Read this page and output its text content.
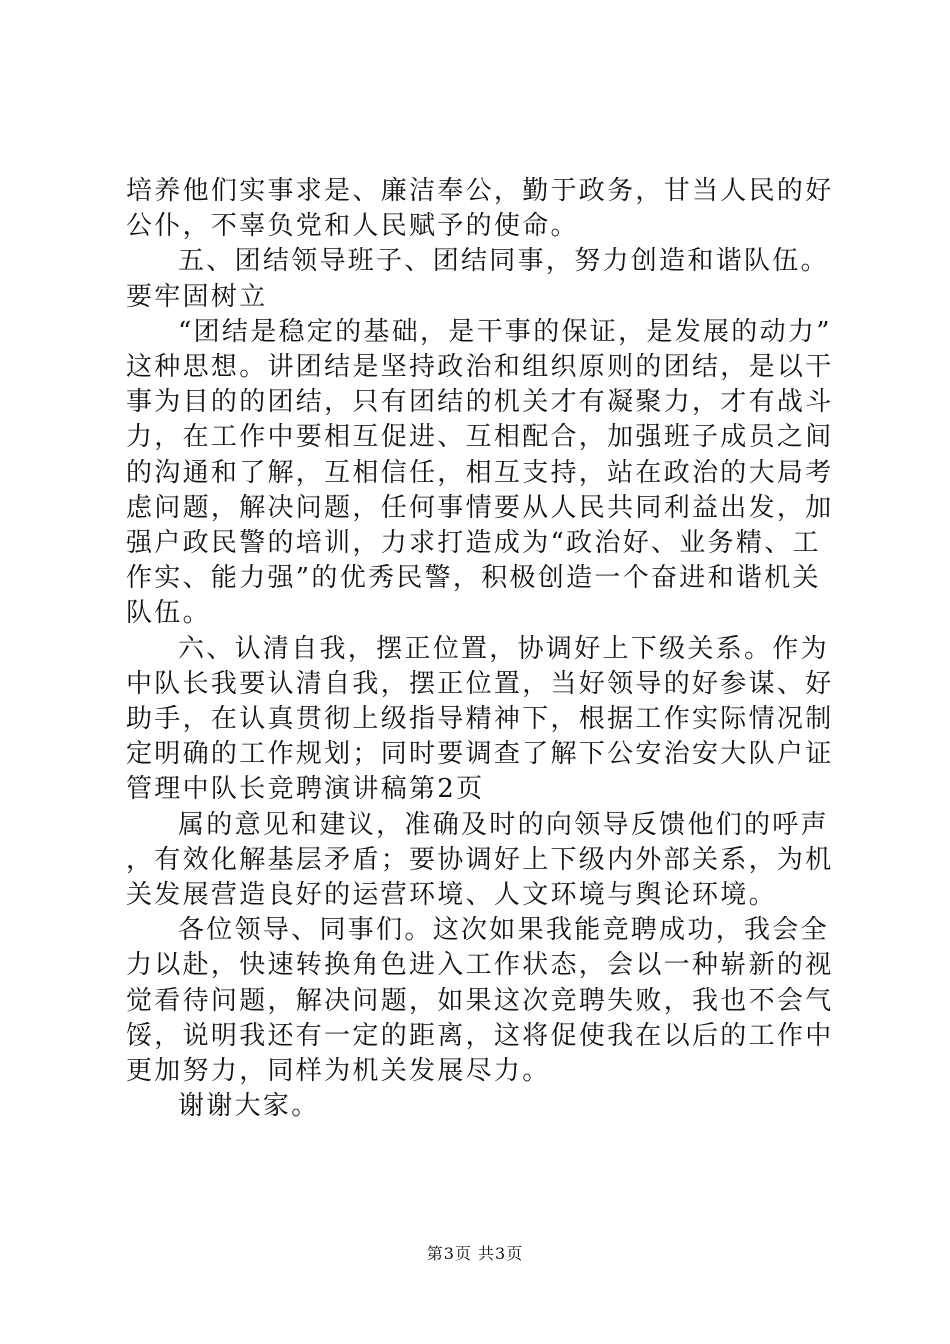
培养他们实事求是、廉洁奉公，勤于政务，甘当人民的好公仆，不辜负党和人民赋予的使命。

五、团结领导班子、团结同事，努力创造和谐队伍。要牢固树立

“团结是稳定的基础，是干事的保证，是发展的动力”这种思想。讲团结是坚持政治和组织原则的团结，是以干事为目的的团结，只有团结的机关才有凝聚力，才有战斗力，在工作中要相互促进、互相配合，加强班子成员之间的沟通和了解，互相信任，相互支持，站在政治的大局考虑问题，解决问题，任何事情要从人民共同利益出发，加强户政民警的培训，力求打造成为“政治好、业务精、工作实、能力强”的优秀民警，积极创造一个奋进和谐机关队伍。

六、认清自我，摆正位置，协调好上下级关系。作为中队长我要认清自我，摆正位置，当好领导的好参谋、好助手，在认真贯彻上级指导精神下，根据工作实际情况制定明确的工作规划；同时要调查了解下公安治安大队户证管理中队长竞聘演讲稿第2页

属的意见和建议，准确及时的向领导反馈他们的呼声，有效化解基层矛盾；要协调好上下级内外部关系，为机关发展营造良好的运营环境、人文环境与舆论环境。

各位领导、同事们。这次如果我能竞聘成功，我会全力以赴，快速转换角色进入工作状态，会以一种崭新的视觉看待问题，解决问题，如果这次竞聘失败，我也不会气馁，说明我还有一定的距离，这将促使我在以后的工作中更加努力，同样为机关发展尽力。

谢谢大家。

第3页 共3页
